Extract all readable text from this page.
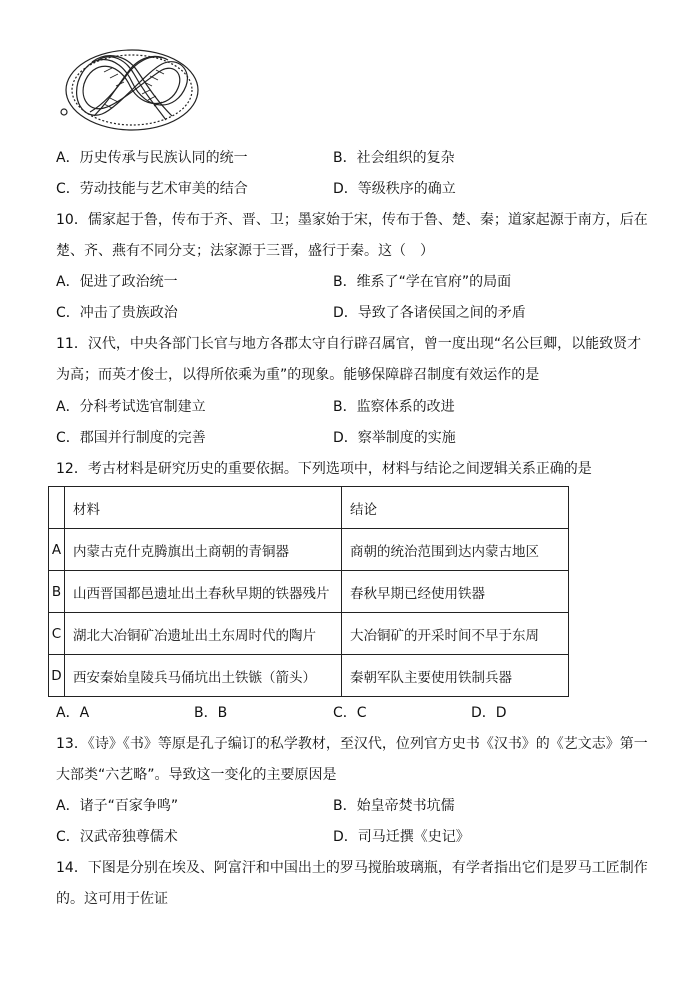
A．历史传承与民族认同的统一	B．社会组织的复杂
C．劳动技能与艺术审美的结合	D．等级秩序的确立
10．儒家起于鲁，传布于齐、晋、卫；墨家始于宋，传布于鲁、楚、秦；道家起源于南方，后在
楚、齐、燕有不同分支；法家源于三晋，盛行于秦。这（　）
A．促进了政治统一	B．维系了“学在官府”的局面
C．冲击了贵族政治	D．导致了各诸侯国之间的矛盾
11．汉代，中央各部门长官与地方各郡太守自行辟召属官，曾一度出现“名公巨卿，以能致贤才
为高；而英才俊士，以得所依乘为重”的现象。能够保障辟召制度有效运作的是
A．分科考试选官制建立	B．监察体系的改进
C．郡国并行制度的完善	D．察举制度的实施
12．考古材料是研究历史的重要依据。下列选项中，材料与结论之间逻辑关系正确的是
	材料	结论
A	内蒙古克什克腾旗出土商朝的青铜器	商朝的统治范围到达内蒙古地区
B	山西晋国都邑遗址出土春秋早期的铁器残片	春秋早期已经使用铁器
C	湖北大冶铜矿冶遗址出土东周时代的陶片	大冶铜矿的开采时间不早于东周
D	西安秦始皇陵兵马俑坑出土铁镞（箭头）	秦朝军队主要使用铁制兵器
A．A	B．B	C．C	D．D
13．《诗》《书》等原是孔子编订的私学教材，至汉代，位列官方史书《汉书》的《艺文志》第一
大部类“六艺略”。导致这一变化的主要原因是
A．诸子“百家争鸣”	B．始皇帝焚书坑儒
C．汉武帝独尊儒术	D．司马迁撰《史记》
14．下图是分别在埃及、阿富汗和中国出土的罗马搅胎玻璃瓶，有学者指出它们是罗马工匠制作
的。这可用于佐证
